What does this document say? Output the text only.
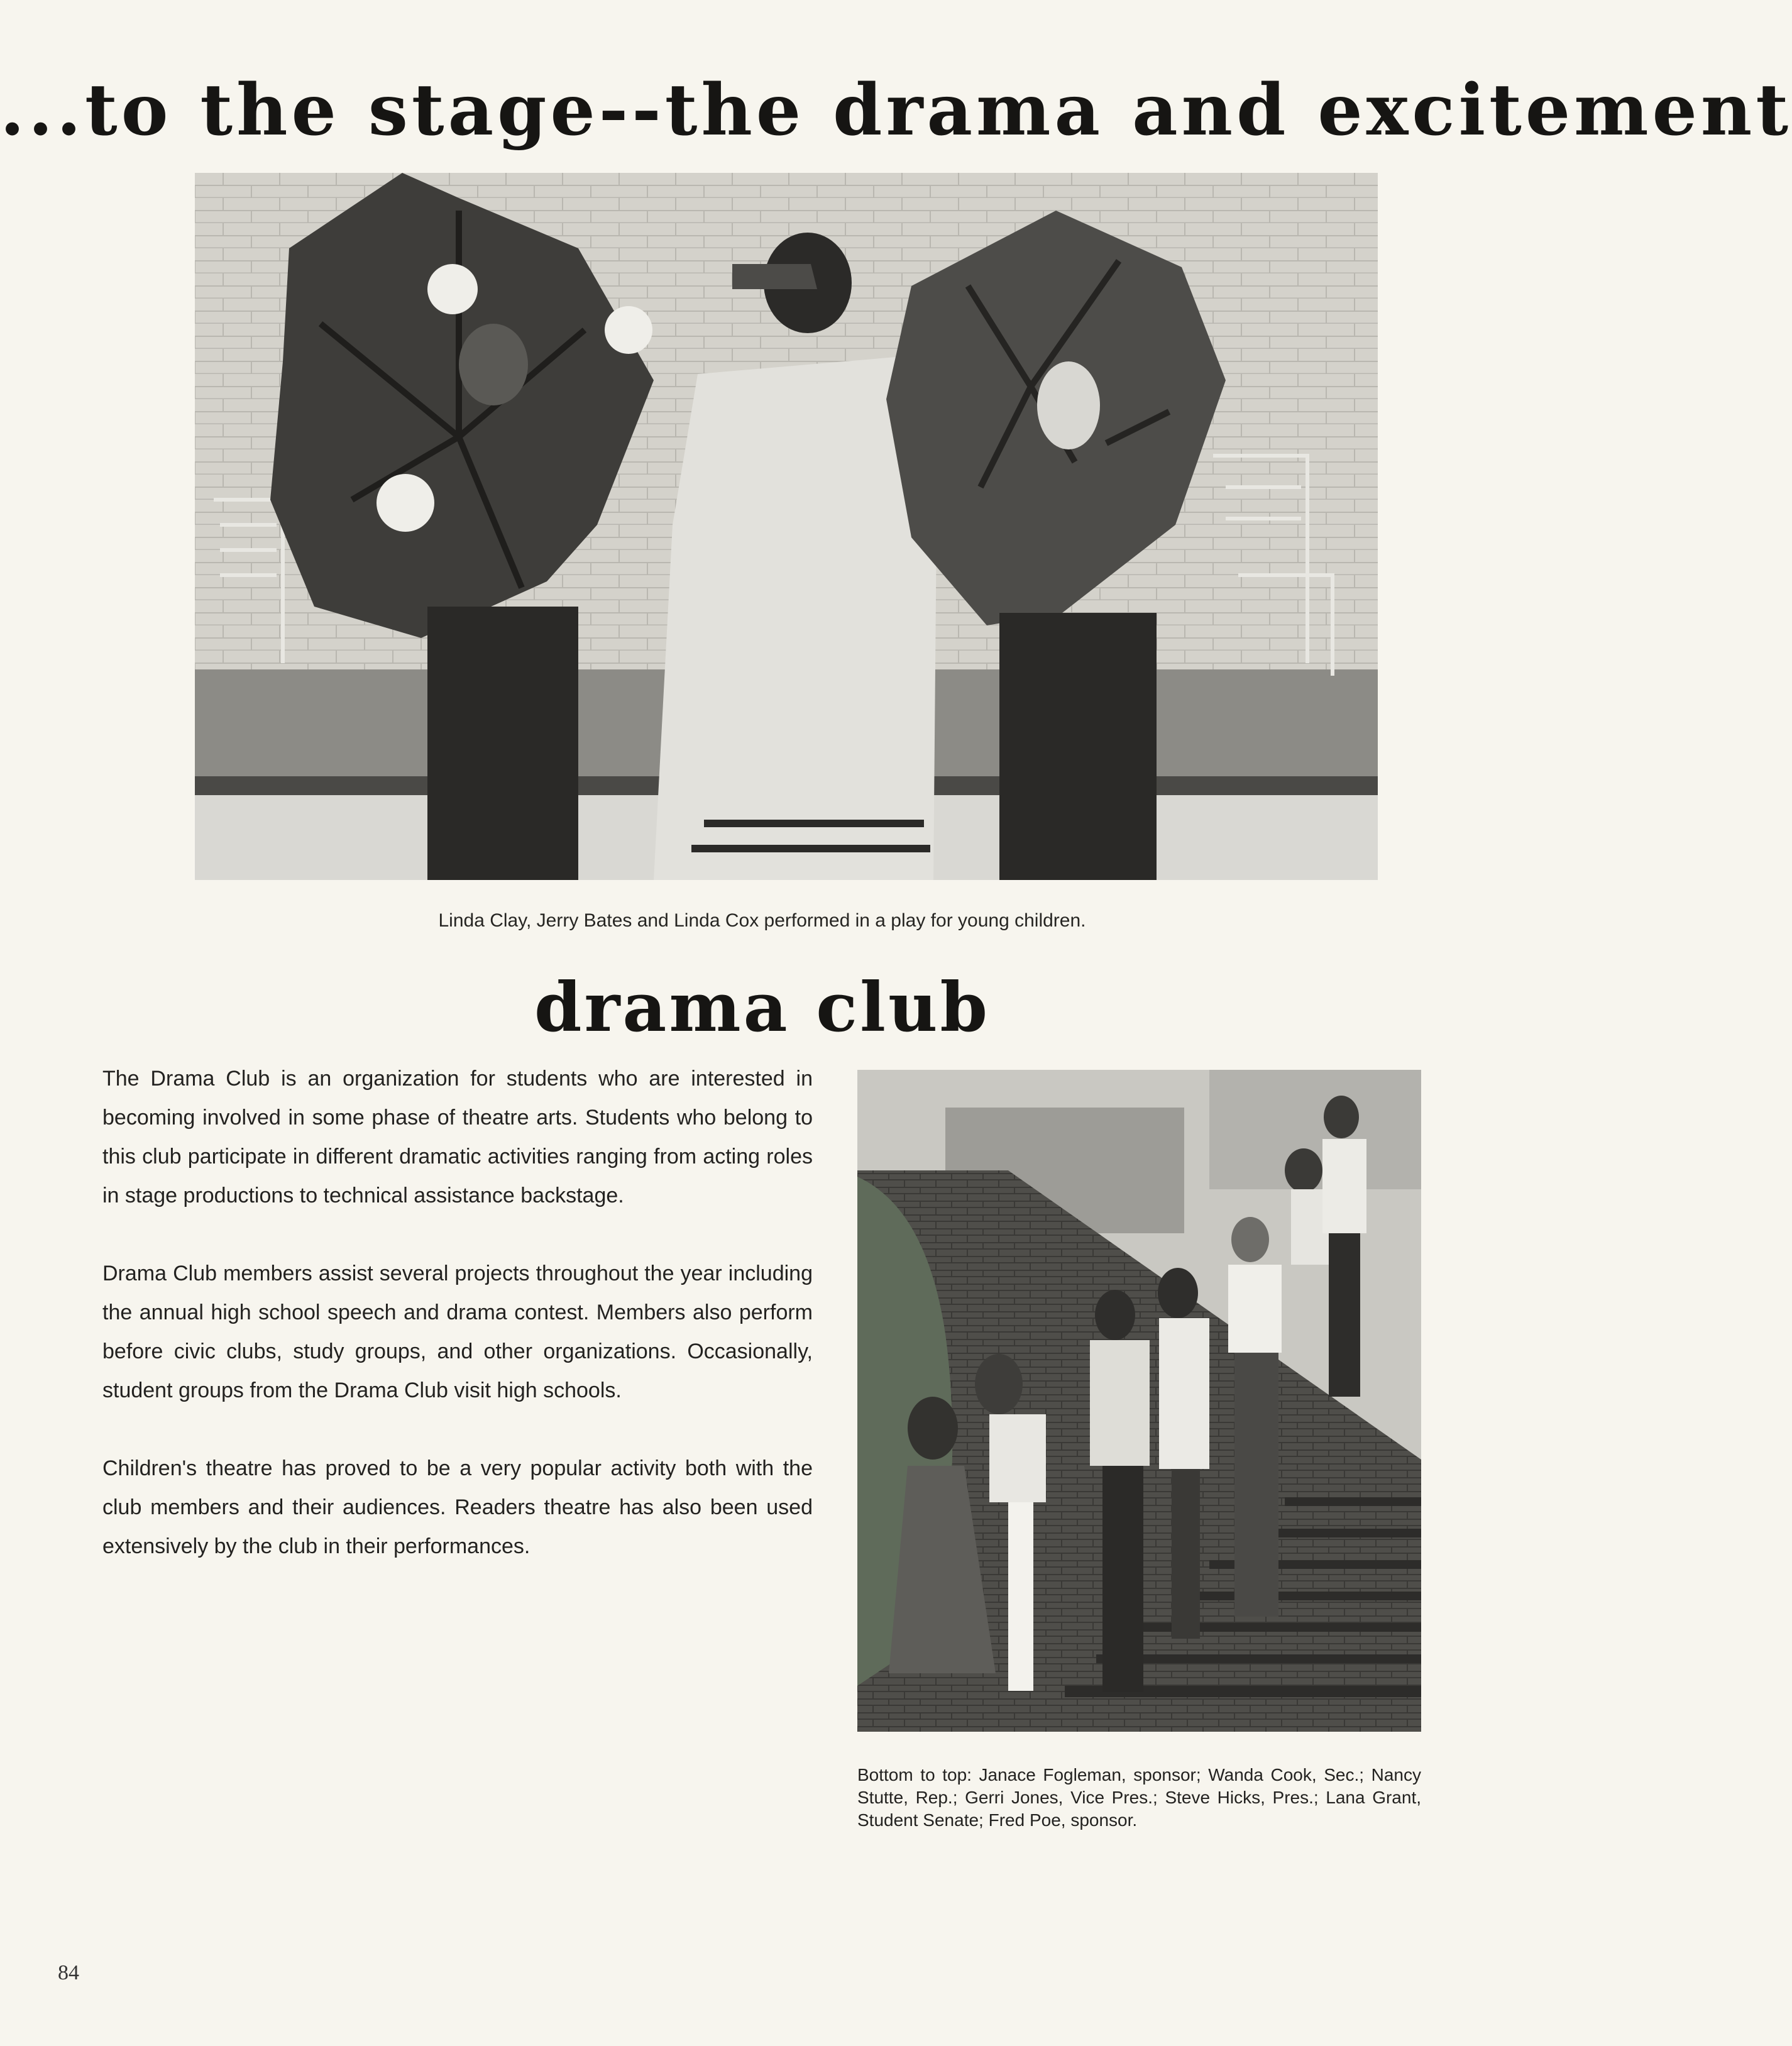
...to the stage--the drama and excitement
Linda Clay, Jerry Bates and Linda Cox performed in a play for young children.
drama club

The Drama Club is an organization for students who are interested in becoming involved in some phase of theatre arts. Students who belong to this club participate in different dramatic activities ranging from acting roles in stage productions to technical assistance backstage.

Drama Club members assist several projects throughout the year including the annual high school speech and drama contest. Members also perform before civic clubs, study groups, and other organizations. Occasionally, student groups from the Drama Club visit high schools.

Children's theatre has proved to be a very popular activity both with the club members and their audiences. Readers theatre has also been used extensively by the club in their performances.

Bottom to top: Janace Fogleman, sponsor; Wanda Cook, Sec.; Nancy Stutte, Rep.; Gerri Jones, Vice Pres.; Steve Hicks, Pres.; Lana Grant, Student Senate; Fred Poe, sponsor.
84
